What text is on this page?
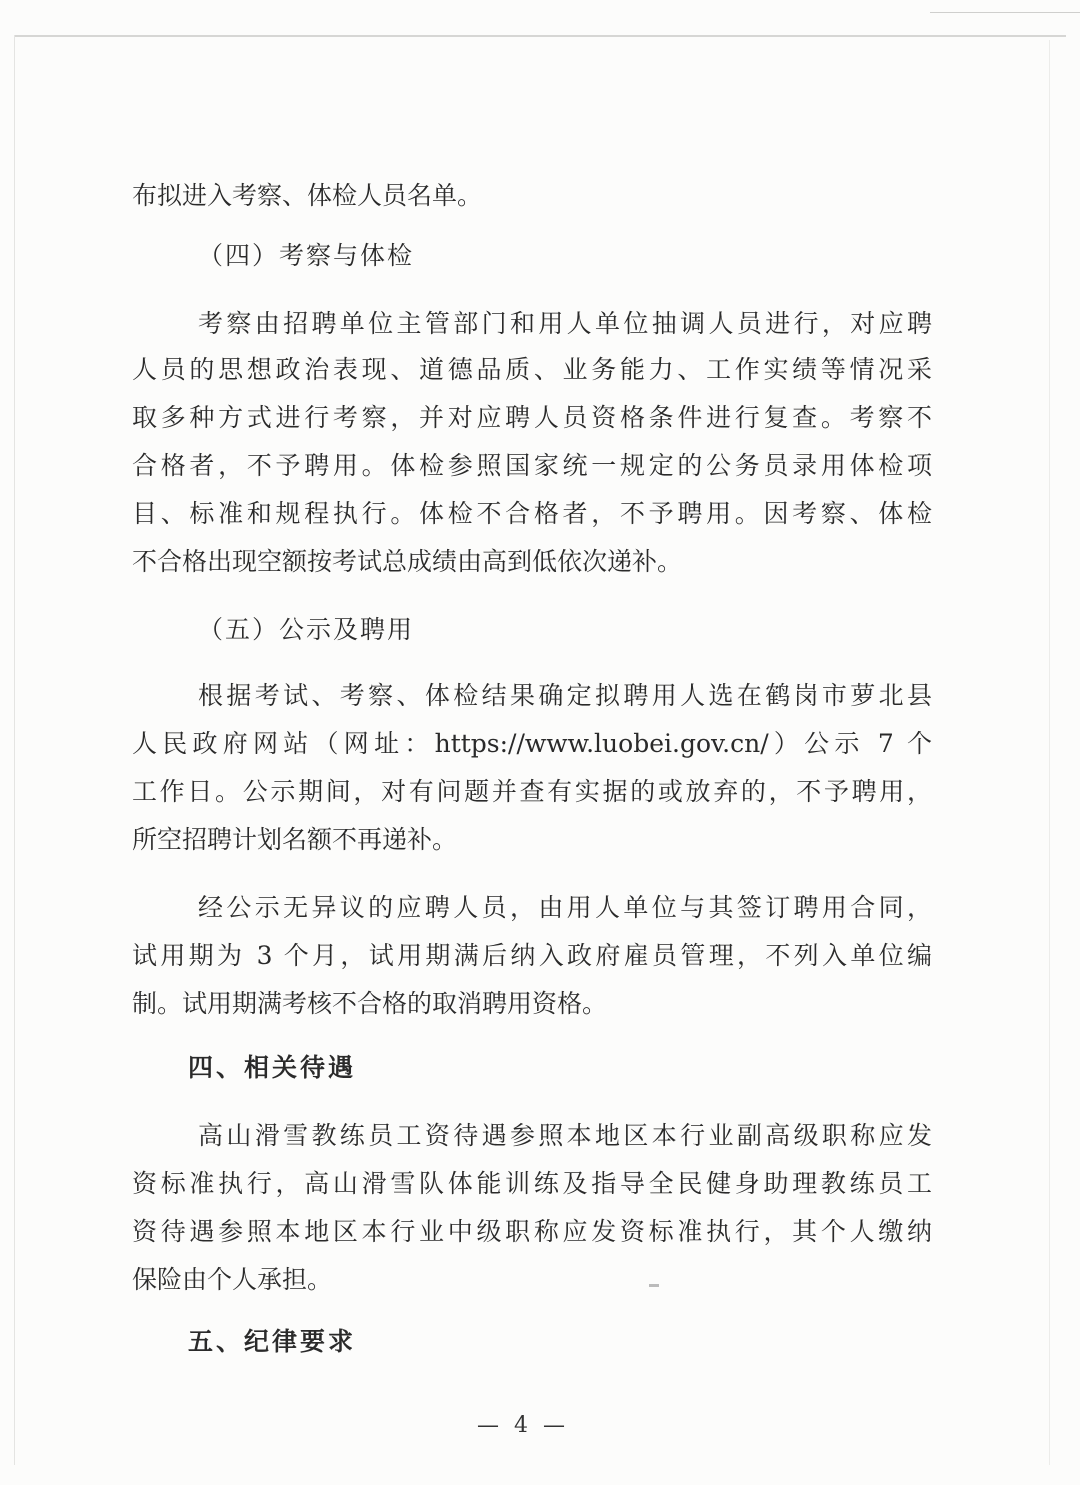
布拟进入考察、体检人员名单。
（四）考察与体检
考察由招聘单位主管部门和用人单位抽调人员进行，对应聘
人员的思想政治表现、道德品质、业务能力、工作实绩等情况采
取多种方式进行考察，并对应聘人员资格条件进行复查。考察不
合格者，不予聘用。体检参照国家统一规定的公务员录用体检项
目、标准和规程执行。体检不合格者，不予聘用。因考察、体检
不合格出现空额按考试总成绩由高到低依次递补。
（五）公示及聘用
根据考试、考察、体检结果确定拟聘用人选在鹤岗市萝北县
人民政府网站（网址：https://www.luobei.gov.cn/）公示 7 个
工作日。公示期间，对有问题并查有实据的或放弃的，不予聘用，
所空招聘计划名额不再递补。
经公示无异议的应聘人员，由用人单位与其签订聘用合同，
试用期为 3 个月，试用期满后纳入政府雇员管理，不列入单位编
制。试用期满考核不合格的取消聘用资格。
四、相关待遇
高山滑雪教练员工资待遇参照本地区本行业副高级职称应发
资标准执行，高山滑雪队体能训练及指导全民健身助理教练员工
资待遇参照本地区本行业中级职称应发资标准执行，其个人缴纳
保险由个人承担。
五、纪律要求
— 4 —
